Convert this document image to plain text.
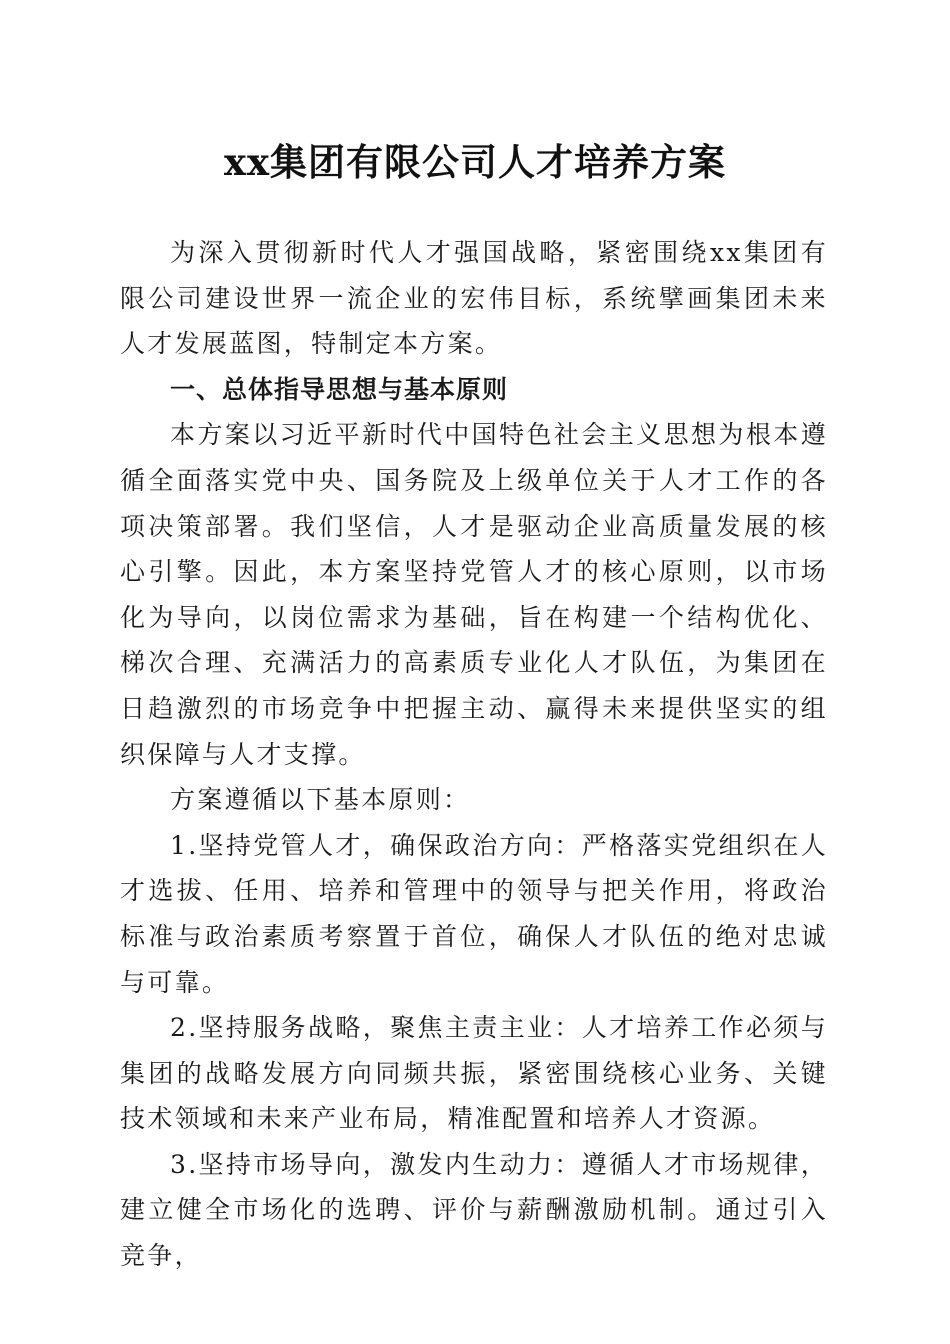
xx集团有限公司人才培养方案

为深入贯彻新时代人才强国战略，紧密围绕xx集团有限公司建设世界一流企业的宏伟目标，系统擘画集团未来人才发展蓝图，特制定本方案。

一、总体指导思想与基本原则

本方案以习近平新时代中国特色社会主义思想为根本遵循全面落实党中央、国务院及上级单位关于人才工作的各项决策部署。我们坚信，人才是驱动企业高质量发展的核心引擎。因此，本方案坚持党管人才的核心原则，以市场化为导向，以岗位需求为基础，旨在构建一个结构优化、梯次合理、充满活力的高素质专业化人才队伍，为集团在日趋激烈的市场竞争中把握主动、赢得未来提供坚实的组织保障与人才支撑。

方案遵循以下基本原则：

1.坚持党管人才，确保政治方向：严格落实党组织在人才选拔、任用、培养和管理中的领导与把关作用，将政治标准与政治素质考察置于首位，确保人才队伍的绝对忠诚与可靠。

2.坚持服务战略，聚焦主责主业：人才培养工作必须与集团的战略发展方向同频共振，紧密围绕核心业务、关键技术领域和未来产业布局，精准配置和培养人才资源。

3.坚持市场导向，激发内生动力：遵循人才市场规律，建立健全市场化的选聘、评价与薪酬激励机制。通过引入竞争，
